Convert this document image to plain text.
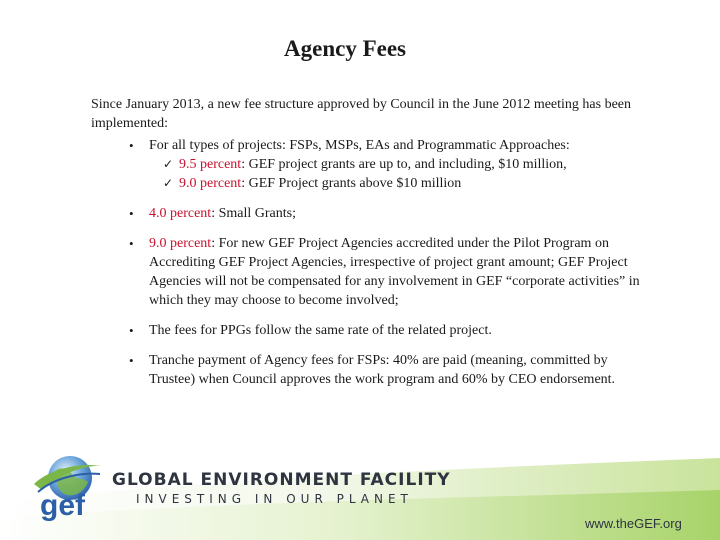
Agency Fees

Since January 2013, a new fee structure approved by Council in the June 2012 meeting has been implemented:

• For all types of projects: FSPs, MSPs, EAs and Programmatic Approaches:
✓ 9.5 percent: GEF project grants are up to, and including, $10 million,
✓ 9.0 percent: GEF Project grants above $10 million
• 4.0 percent: Small Grants;
• 9.0 percent: For new GEF Project Agencies accredited under the Pilot Program on Accrediting GEF Project Agencies, irrespective of project grant amount; GEF Project Agencies will not be compensated for any involvement in GEF “corporate activities” in which they may choose to become involved;
• The fees for PPGs follow the same rate of the related project.
• Tranche payment of Agency fees for FSPs: 40% are paid (meaning, committed by Trustee) when Council approves the work program and 60% by CEO endorsement.
gef

GLOBAL ENVIRONMENT FACILITY

INVESTING IN OUR PLANET

www.theGEF.org
